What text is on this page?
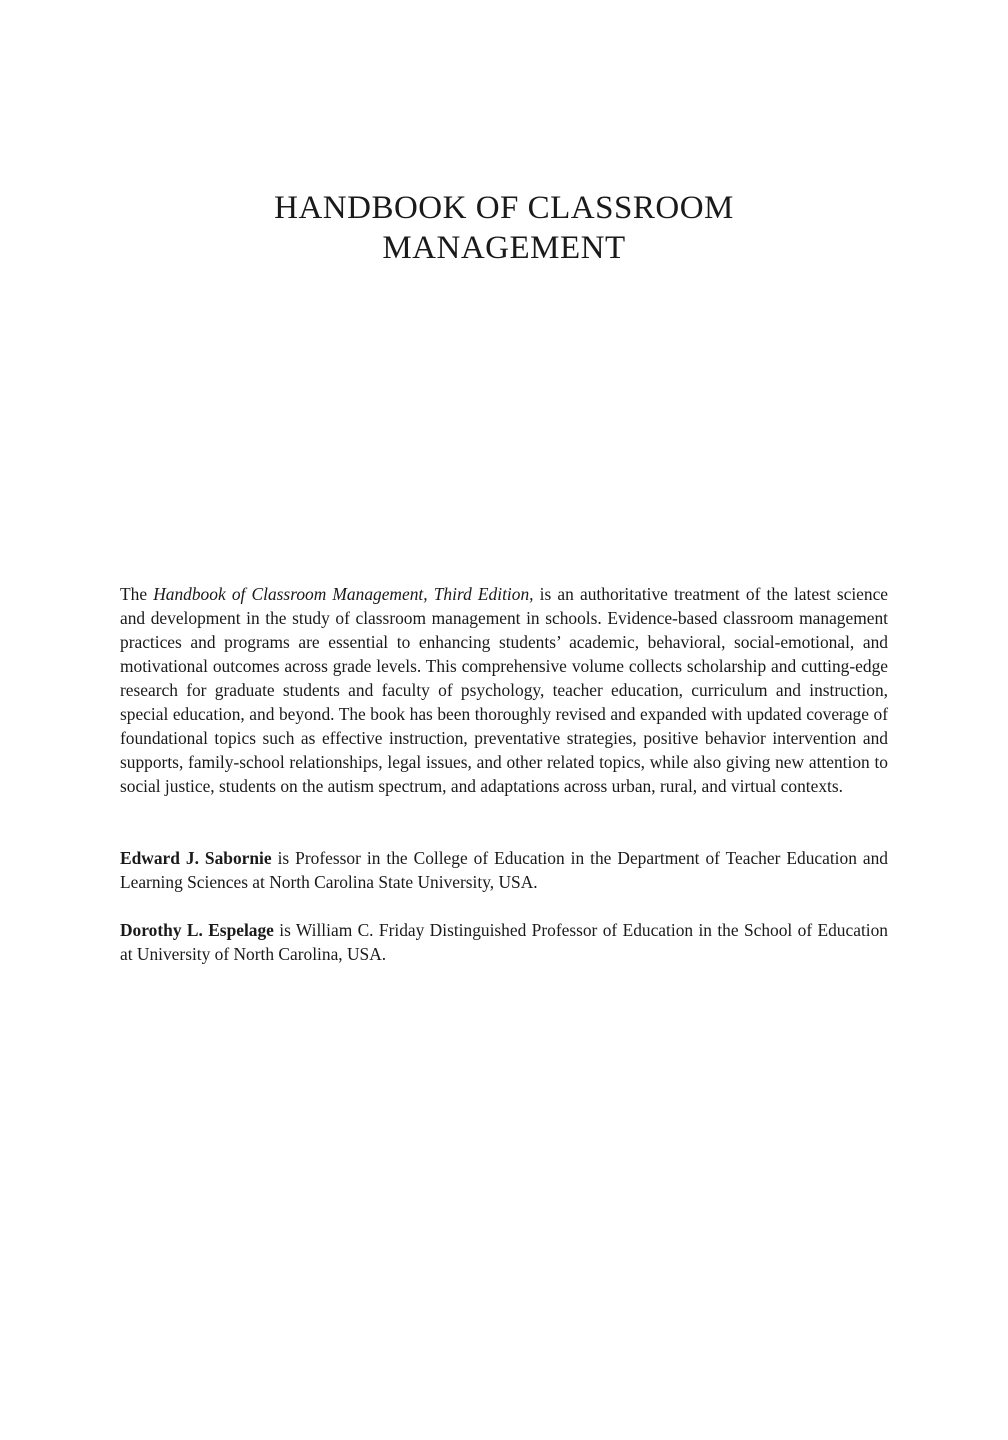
HANDBOOK OF CLASSROOM
MANAGEMENT

The Handbook of Classroom Management, Third Edition, is an authoritative treatment of the latest science and development in the study of classroom management in schools. Evidence-based classroom management practices and programs are essential to enhancing students’ academic, behavioral, social-emotional, and motivational outcomes across grade levels. This comprehensive volume collects scholarship and cutting-edge research for graduate students and faculty of psychology, teacher education, curriculum and instruction, special education, and beyond. The book has been thoroughly revised and expanded with updated coverage of foundational topics such as effective instruction, preventative strategies, positive behavior intervention and supports, family-school relationships, legal issues, and other related topics, while also giving new attention to social justice, students on the autism spectrum, and adaptations across urban, rural, and virtual contexts.

Edward J. Sabornie is Professor in the College of Education in the Department of Teacher Education and Learning Sciences at North Carolina State University, USA.

Dorothy L. Espelage is William C. Friday Distinguished Professor of Education in the School of Education at University of North Carolina, USA.
